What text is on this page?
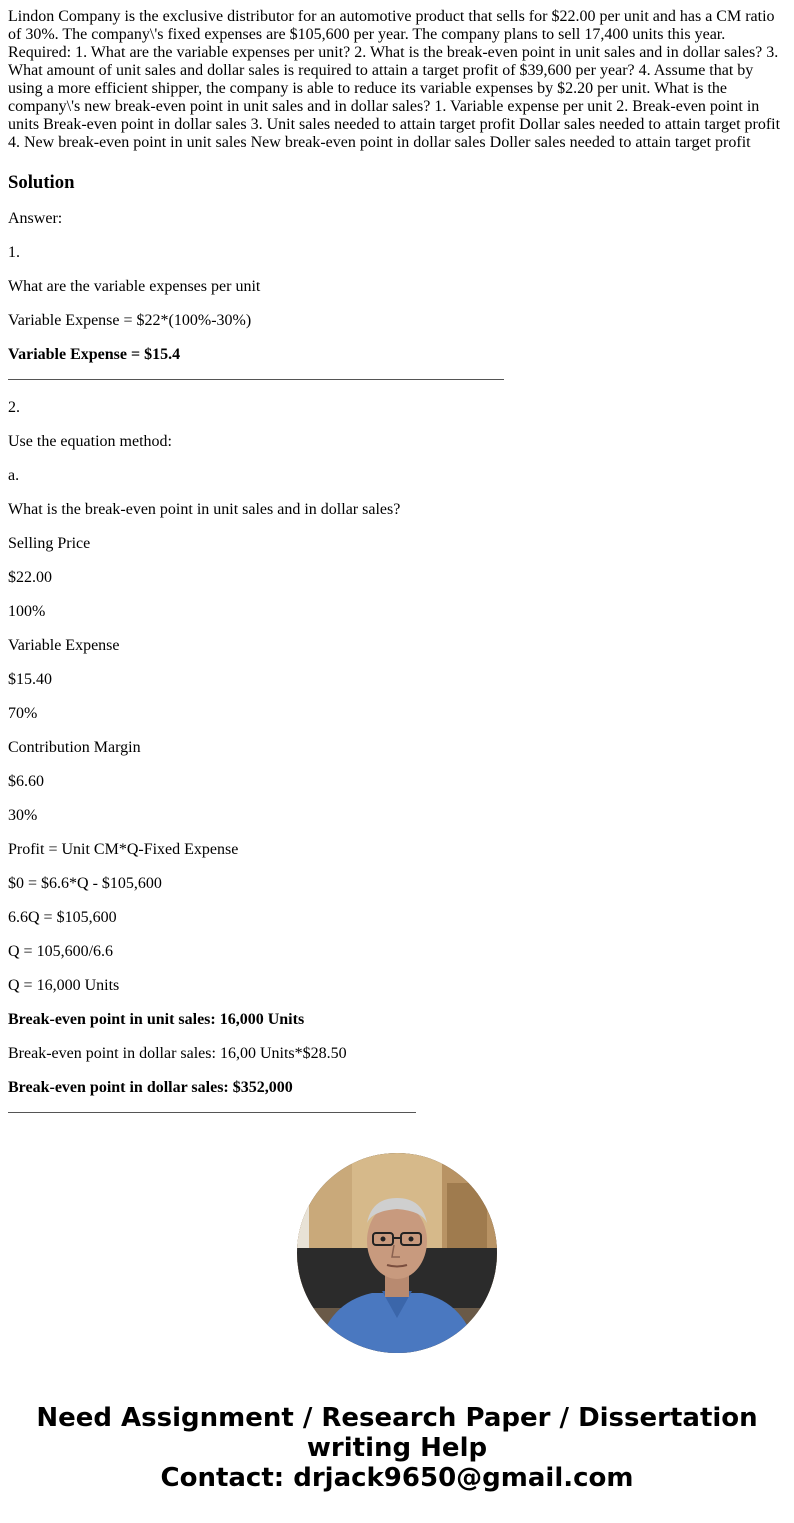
Lindon Company is the exclusive distributor for an automotive product that sells for $22.00 per unit and has a CM ratio of 30%. The company\'s fixed expenses are $105,600 per year. The company plans to sell 17,400 units this year. Required: 1. What are the variable expenses per unit? 2. What is the break-even point in unit sales and in dollar sales? 3. What amount of unit sales and dollar sales is required to attain a target profit of $39,600 per year? 4. Assume that by using a more efficient shipper, the company is able to reduce its variable expenses by $2.20 per unit. What is the company\'s new break-even point in unit sales and in dollar sales? 1. Variable expense per unit 2. Break-even point in units Break-even point in dollar sales 3. Unit sales needed to attain target profit Dollar sales needed to attain target profit 4. New break-even point in unit sales New break-even point in dollar sales Doller sales needed to attain target profit

Solution

Answer:

1.

What are the variable expenses per unit

Variable Expense = $22*(100%-30%)

Variable Expense = $15.4

2.

Use the equation method:

a.

What is the break-even point in unit sales and in dollar sales?

Selling Price

$22.00

100%

Variable Expense

$15.40

70%

Contribution Margin

$6.60

30%

Profit = Unit CM*Q-Fixed Expense

$0 = $6.6*Q - $105,600

6.6Q = $105,600

Q = 105,600/6.6

Q = 16,000 Units

Break-even point in unit sales: 16,000 Units

Break-even point in dollar sales: 16,00 Units*$28.50

Break-even point in dollar sales: $352,000

Need Assignment / Research Paper / Dissertation
writing Help
Contact: drjack9650@gmail.com
